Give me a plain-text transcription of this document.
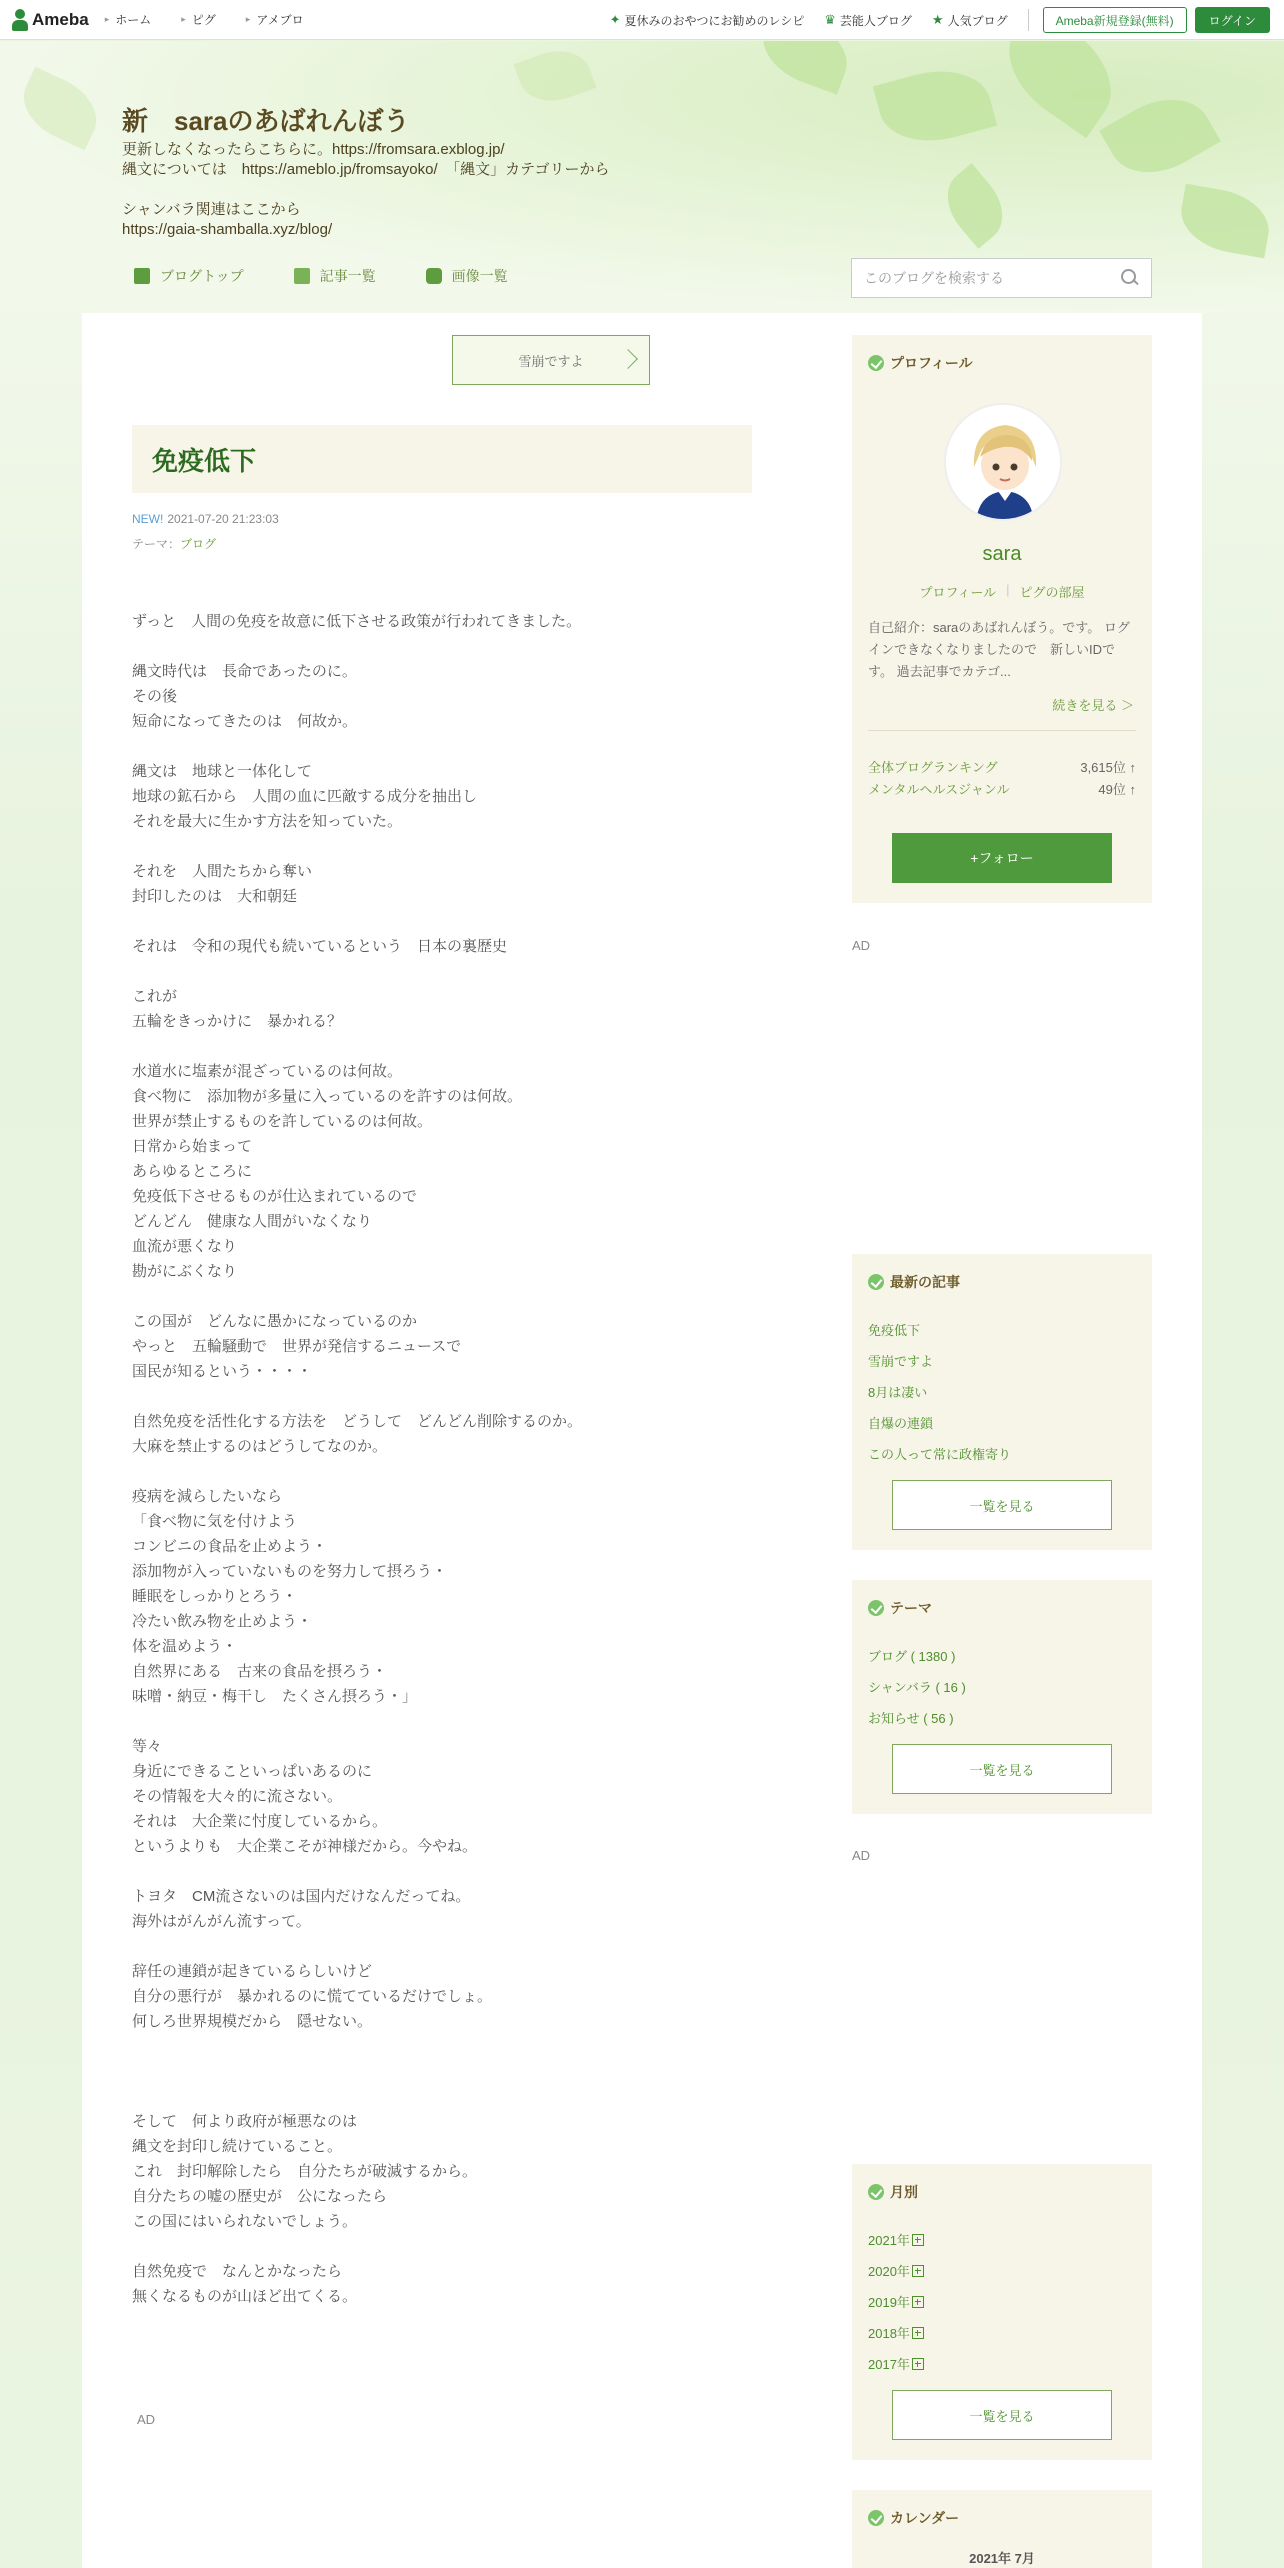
Ameba	▸ ホーム	▸ ピグ	▸ アメブロ	✦ 夏休みのおやつにお勧めのレシピ ♛ 芸能人ブログ ★ 人気ブログ	Ameba新規登録(無料)	ログイン
新　saraのあばれんぼう
更新しなくなったらこちらに。https://fromsara.exblog.jp/
縄文については　https://ameblo.jp/fromsayoko/　「縄文」カテゴリーから

シャンバラ関連はここから
https://gaia-shamballa.xyz/blog/
ブログトップ	記事一覧	画像一覧
このブログを検索する
雪崩ですよ
免疫低下
NEW! 2021-07-20 21:23:03
テーマ：ブログ
ずっと　人間の免疫を故意に低下させる政策が行われてきました。
縄文時代は　長命であったのに。
その後
短命になってきたのは　何故か。
縄文は　地球と一体化して
地球の鉱石から　人間の血に匹敵する成分を抽出し
それを最大に生かす方法を知っていた。
それを　人間たちから奪い
封印したのは　大和朝廷
それは　令和の現代も続いているという　日本の裏歴史
これが
五輪をきっかけに　暴かれる？
水道水に塩素が混ざっているのは何故。
食べ物に　添加物が多量に入っているのを許すのは何故。
世界が禁止するものを許しているのは何故。
日常から始まって
あらゆるところに
免疫低下させるものが仕込まれているので
どんどん　健康な人間がいなくなり
血流が悪くなり
勘がにぶくなり
この国が　どんなに愚かになっているのか
やっと　五輪騒動で　世界が発信するニュースで
国民が知るという・・・・
自然免疫を活性化する方法を　どうして　どんどん削除するのか。
大麻を禁止するのはどうしてなのか。
疫病を減らしたいなら
「食べ物に気を付けよう
コンビニの食品を止めよう・
添加物が入っていないものを努力して摂ろう・
睡眠をしっかりとろう・
冷たい飲み物を止めよう・
体を温めよう・
自然界にある　古来の食品を摂ろう・
味噌・納豆・梅干し　たくさん摂ろう・」
等々
身近にできることいっぱいあるのに
その情報を大々的に流さない。
それは　大企業に忖度しているから。
というよりも　大企業こそが神様だから。今やね。
トヨタ　CM流さないのは国内だけなんだってね。
海外はがんがん流すって。
辞任の連鎖が起きているらしいけど
自分の悪行が　暴かれるのに慌てているだけでしょ。
何しろ世界規模だから　隠せない。
そして　何より政府が極悪なのは
縄文を封印し続けていること。
これ　封印解除したら　自分たちが破滅するから。
自分たちの嘘の歴史が　公になったら
この国にはいられないでしょう。
自然免疫で　なんとかなったら
無くなるものが山ほど出てくる。
AD
プロフィール
sara
プロフィール | ピグの部屋
自己紹介：saraのあばれんぼう。です。 ログインできなくなりましたので　新しいIDです。 過去記事でカテゴ...
続きを見る ＞
全体ブログランキング	3,615位 ↑
メンタルヘルスジャンル	49位 ↑
+フォロー
AD
最新の記事
免疫低下
雪崩ですよ
8月は凄い
自爆の連鎖
この人って常に政権寄り
一覧を見る
テーマ
ブログ ( 1380 )
シャンバラ ( 16 )
お知らせ ( 56 )
一覧を見る
AD
月別
2021年
2020年
2019年
2018年
2017年
一覧を見る
カレンダー
2021年 7月
